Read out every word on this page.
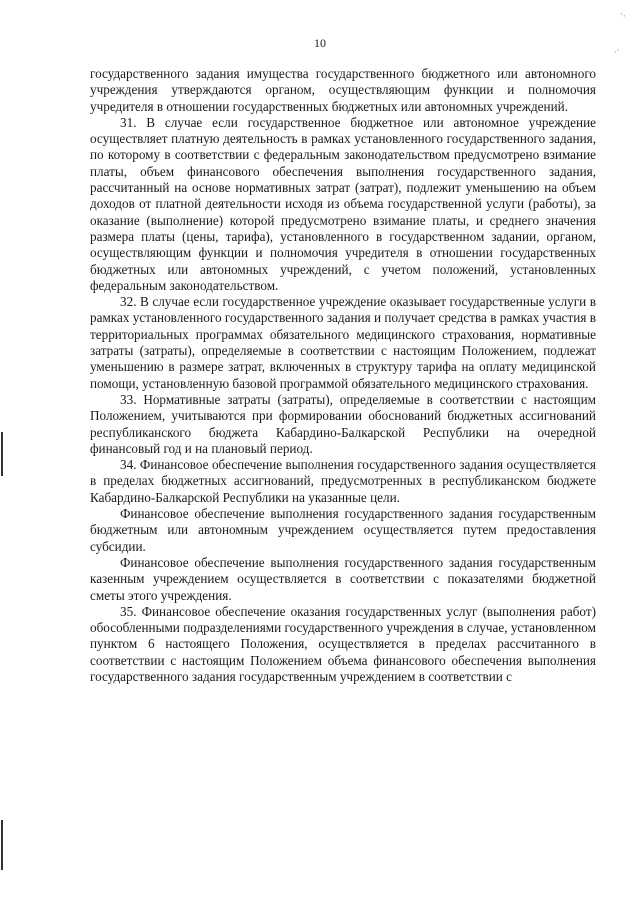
10

государственного задания имущества государственного бюджетного или автономного учреждения утверждаются органом, осуществляющим функции и полномочия учредителя в отношении государственных бюджетных или автономных учреждений.

31. В случае если государственное бюджетное или автономное учреждение осуществляет платную деятельность в рамках установленного государственного задания, по которому в соответствии с федеральным законодательством предусмотрено взимание платы, объем финансового обеспечения выполнения государственного задания, рассчитанный на основе нормативных затрат (затрат), подлежит уменьшению на объем доходов от платной деятельности исходя из объема государственной услуги (работы), за оказание (выполнение) которой предусмотрено взимание платы, и среднего значения размера платы (цены, тарифа), установленного в государственном задании, органом, осуществляющим функции и полномочия учредителя в отношении государственных бюджетных или автономных учреждений, с учетом положений, установленных федеральным законодательством.

32. В случае если государственное учреждение оказывает государственные услуги в рамках установленного государственного задания и получает средства в рамках участия в территориальных программах обязательного медицинского страхования, нормативные затраты (затраты), определяемые в соответствии с настоящим Положением, подлежат уменьшению в размере затрат, включенных в структуру тарифа на оплату медицинской помощи, установленную базовой программой обязательного медицинского страхования.

33. Нормативные затраты (затраты), определяемые в соответствии с настоящим Положением, учитываются при формировании обоснований бюджетных ассигнований республиканского бюджета Кабардино-Балкарской Республики на очередной финансовый год и на плановый период.

34. Финансовое обеспечение выполнения государственного задания осуществляется в пределах бюджетных ассигнований, предусмотренных в республиканском бюджете Кабардино-Балкарской Республики на указанные цели.

Финансовое обеспечение выполнения государственного задания государственным бюджетным или автономным учреждением осуществляется путем предоставления субсидии.

Финансовое обеспечение выполнения государственного задания государственным казенным учреждением осуществляется в соответствии с показателями бюджетной сметы этого учреждения.

35. Финансовое обеспечение оказания государственных услуг (выполнения работ) обособленными подразделениями государственного учреждения в случае, установленном пунктом 6 настоящего Положения, осуществляется в пределах рассчитанного в соответствии с настоящим Положением объема финансового обеспечения выполнения государственного задания государственным учреждением в соответствии с

˙ˑ
ˑ˙
